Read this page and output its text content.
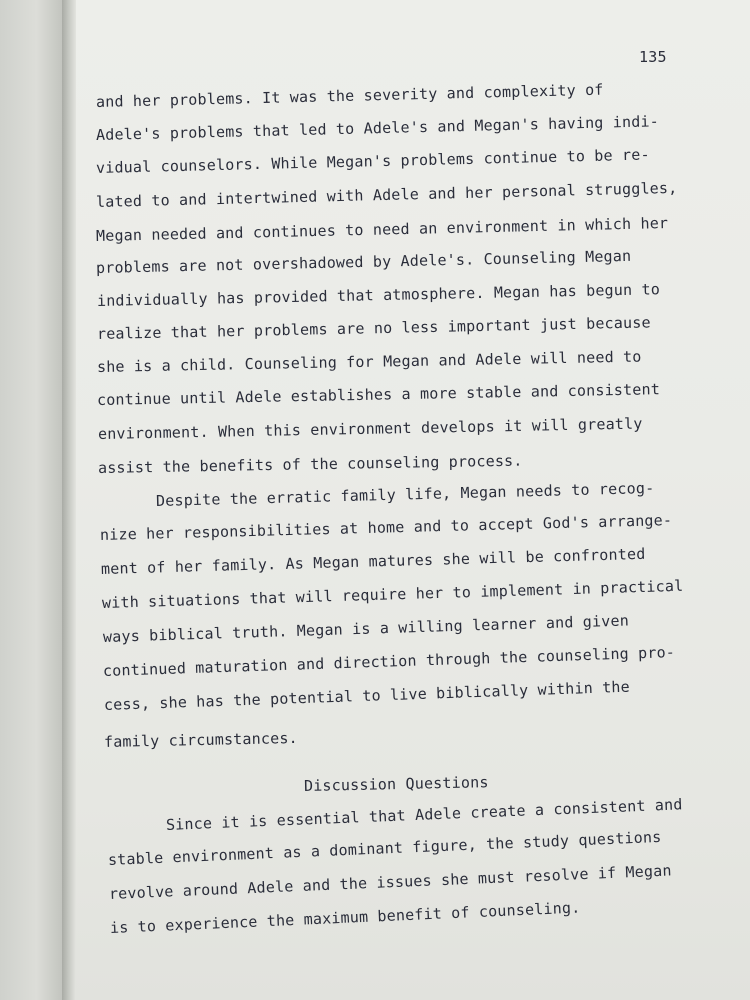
135
and her problems. It was the severity and complexity of
Adele's problems that led to Adele's and Megan's having indi-
vidual counselors. While Megan's problems continue to be re-
lated to and intertwined with Adele and her personal struggles,
Megan needed and continues to need an environment in which her
problems are not overshadowed by Adele's. Counseling Megan
individually has provided that atmosphere. Megan has begun to
realize that her problems are no less important just because
she is a child. Counseling for Megan and Adele will need to
continue until Adele establishes a more stable and consistent
environment. When this environment develops it will greatly
assist the benefits of the counseling process.
Despite the erratic family life, Megan needs to recog-
nize her responsibilities at home and to accept God's arrange-
ment of her family. As Megan matures she will be confronted
with situations that will require her to implement in practical
ways biblical truth. Megan is a willing learner and given
continued maturation and direction through the counseling pro-
cess, she has the potential to live biblically within the
family circumstances.
Discussion Questions
Since it is essential that Adele create a consistent and
stable environment as a dominant figure, the study questions
revolve around Adele and the issues she must resolve if Megan
is to experience the maximum benefit of counseling.
